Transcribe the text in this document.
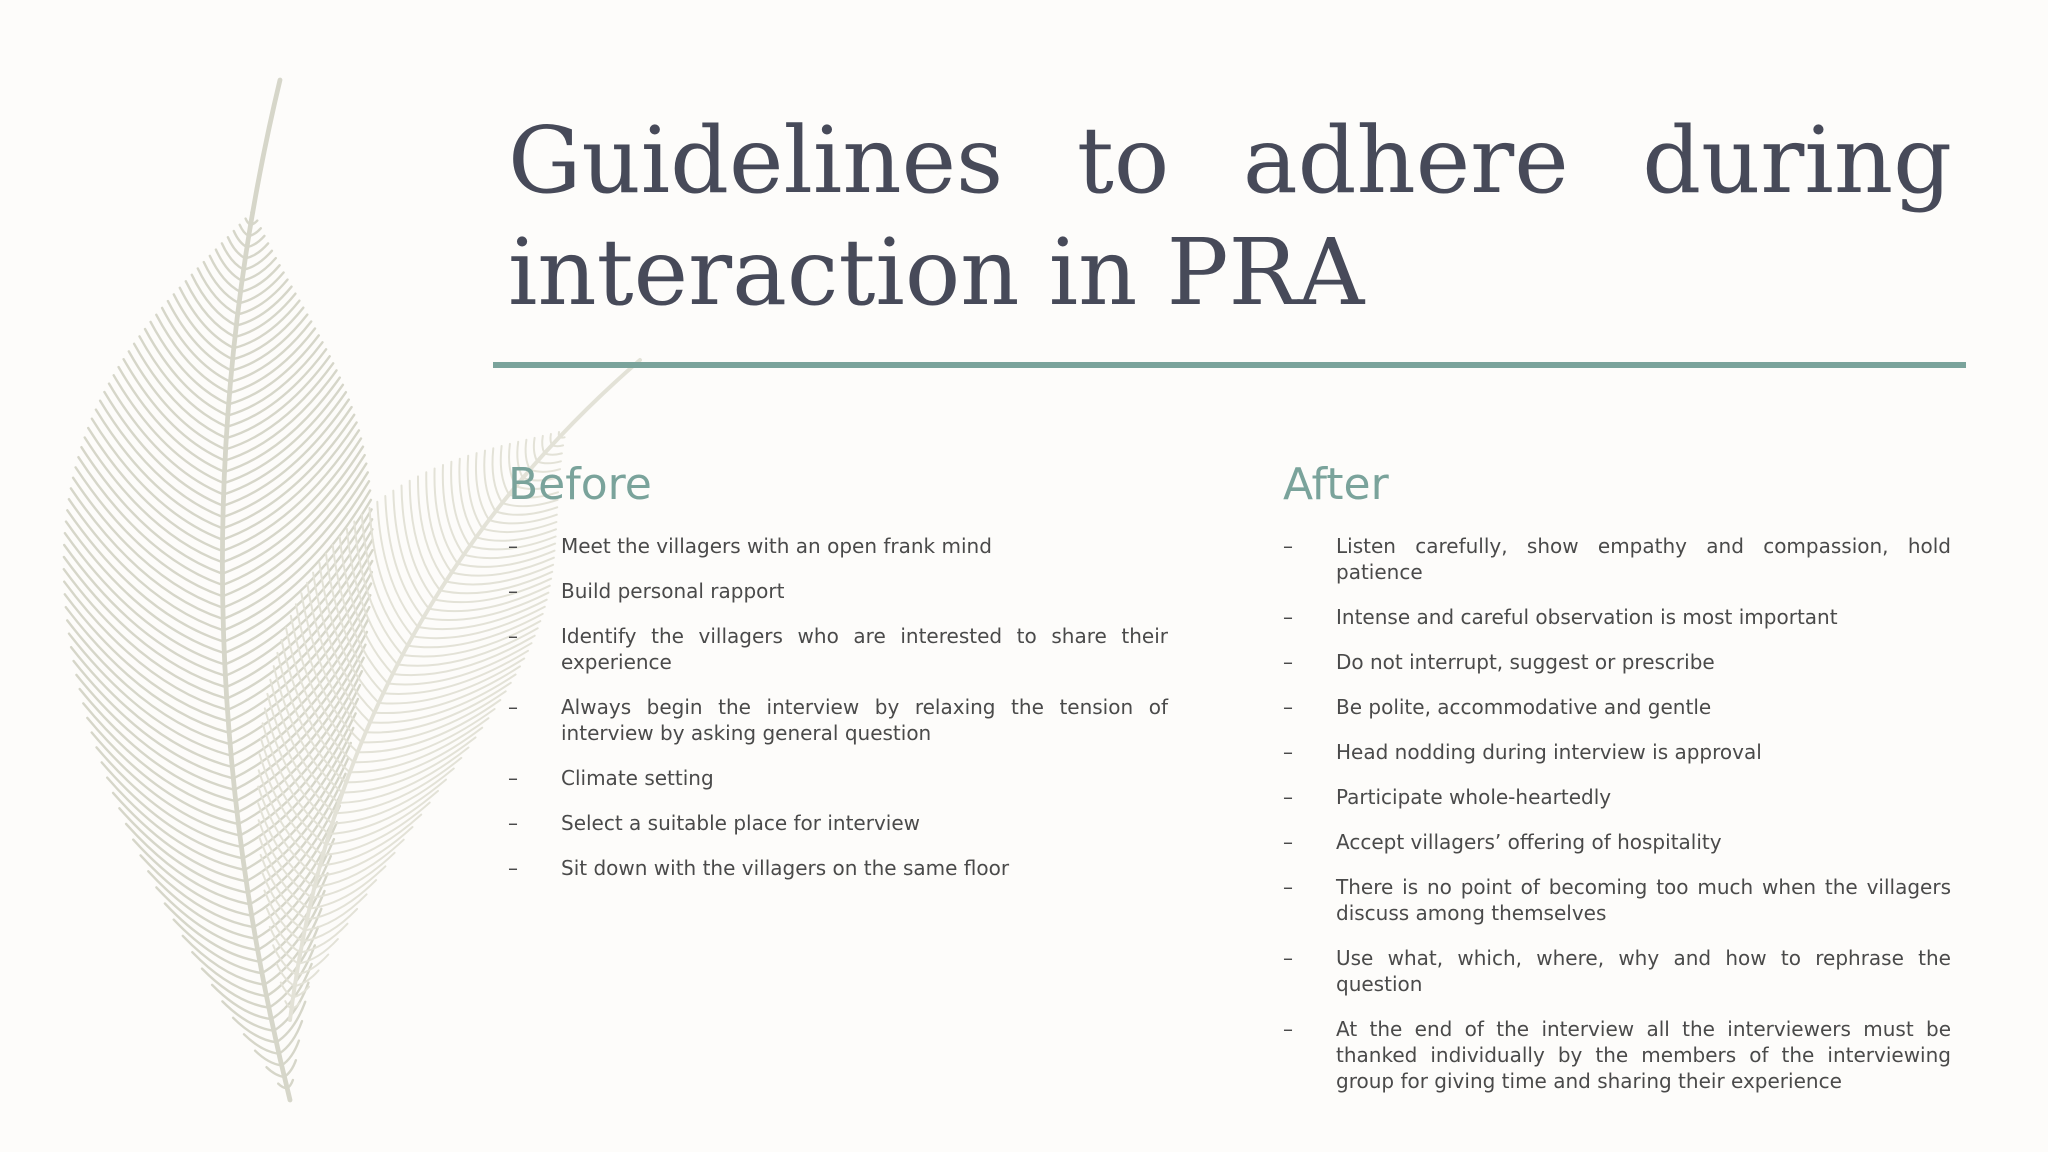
Guidelines to adhere during
interaction in PRA
Before
– Meet the villagers with an open frank mind
– Build personal rapport
– Identify the villagers who are interested to share their experience
– Always begin the interview by relaxing the tension of interview by asking general question
– Climate setting
– Select a suitable place for interview
– Sit down with the villagers on the same floor
After
– Listen carefully, show empathy and compassion, hold patience
– Intense and careful observation is most important
– Do not interrupt, suggest or prescribe
– Be polite, accommodative and gentle
– Head nodding during interview is approval
– Participate whole-heartedly
– Accept villagers’ offering of hospitality
– There is no point of becoming too much when the villagers discuss among themselves
– Use what, which, where, why and how to rephrase the question
– At the end of the interview all the interviewers must be thanked individually by the members of the interviewing group for giving time and sharing their experience
